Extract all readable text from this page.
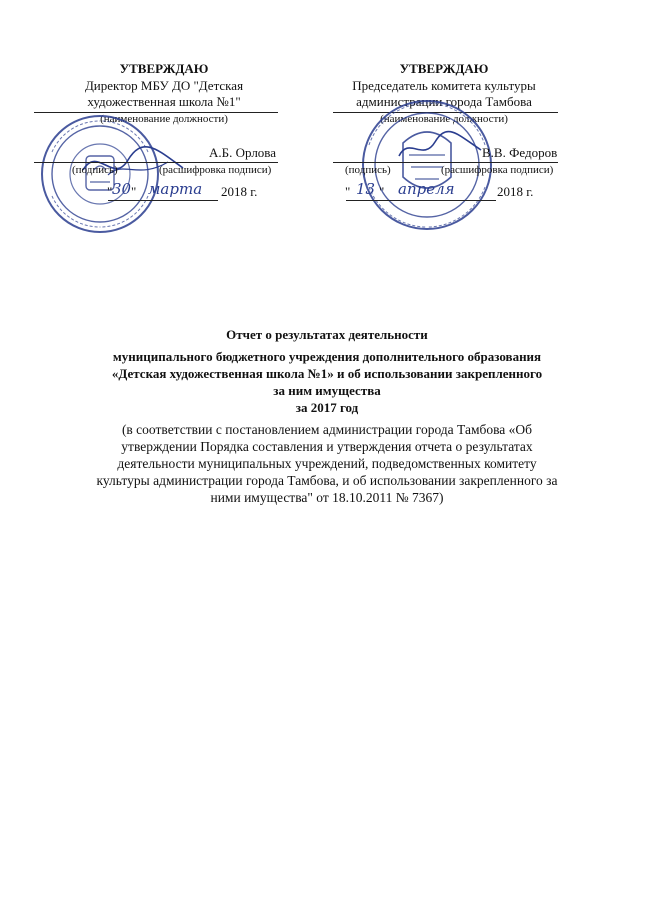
УТВЕРЖДАЮ
Директор МБУ ДО "Детская
художественная школа №1"
(наименование должности)
А.Б. Орлова
(подпись)	(расшифровка подписи)
" 30 " марта 2018 г.
УТВЕРЖДАЮ
Председатель комитета культуры
администрации города Тамбова
(наименование должности)
В.В. Федоров
(подпись)	(расшифровка подписи)
" 13 " апреля	2018 г.
Отчет о результатах деятельности
муниципального бюджетного учреждения дополнительного образования
«Детская художественная школа №1» и об использовании закрепленного
за ним имущества
за 2017 год
(в соответствии с постановлением администрации города Тамбова «Об
утверждении Порядка составления и утверждения отчета о результатах
деятельности муниципальных учреждений, подведомственных комитету
культуры администрации города Тамбова, и об использовании закрепленного за
ними имущества" от 18.10.2011 № 7367)
